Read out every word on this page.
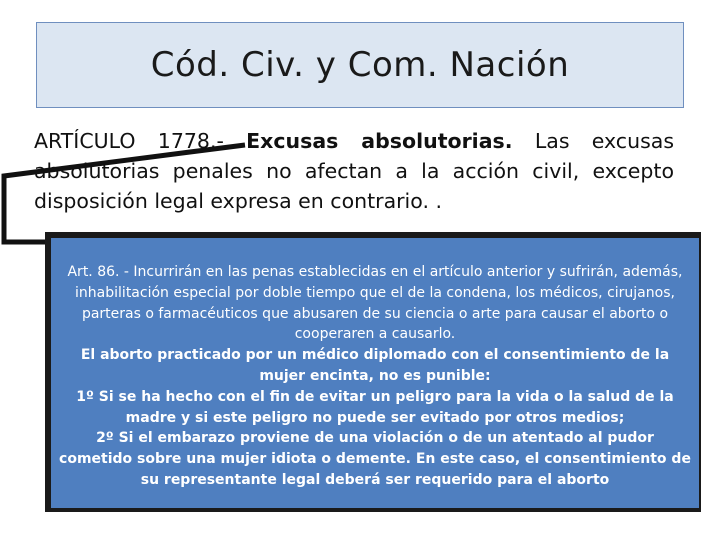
Cód. Civ. y Com. Nación
ARTÍCULO 1778.- Excusas absolutorias. Las excusas absolutorias penales no afectan a la acción civil, excepto disposición legal expresa en contrario. .

Art. 86. - Incurrirán en las penas establecidas en el artículo anterior y sufrirán, además, inhabilitación especial por doble tiempo que el de la condena, los médicos, cirujanos, parteras o farmacéuticos que abusaren de su ciencia o arte para causar el aborto o cooperaren a causarlo.

El aborto practicado por un médico diplomado con el consentimiento de la mujer encinta, no es punible:

1º Si se ha hecho con el fin de evitar un peligro para la vida o la salud de la madre y si este peligro no puede ser evitado por otros medios;

2º Si el embarazo proviene de una violación o de un atentado al pudor cometido sobre una mujer idiota o demente. En este caso, el consentimiento de su representante legal deberá ser requerido para el aborto
